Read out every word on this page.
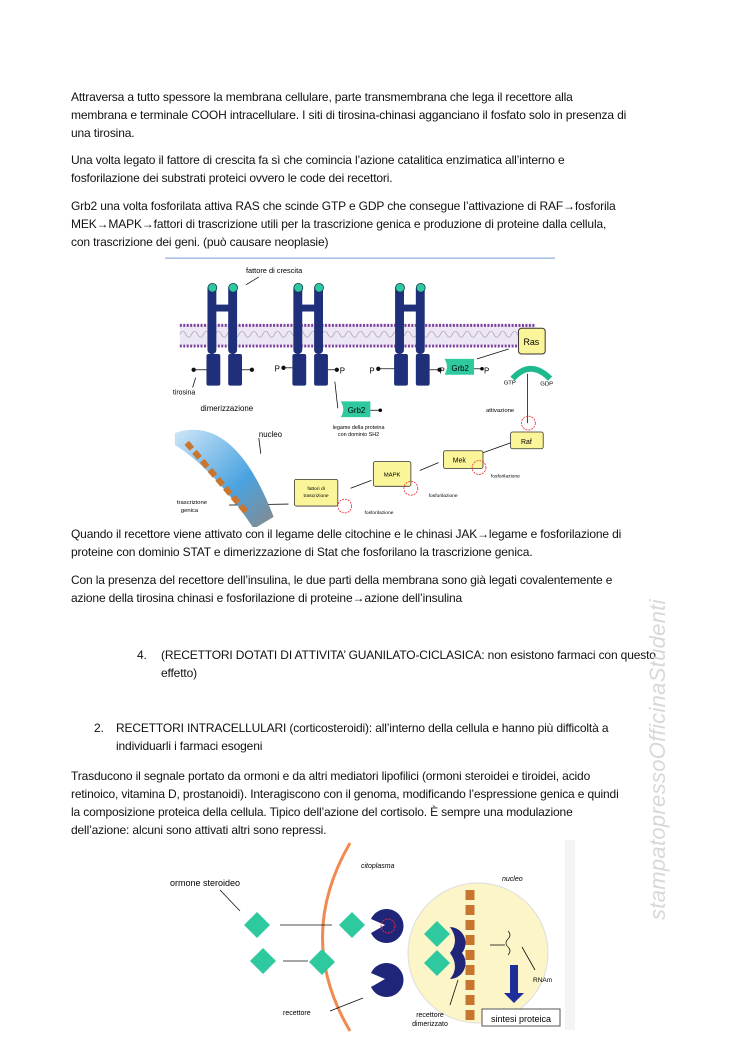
Attraversa a tutto spessore la membrana cellulare, parte transmembrana che lega il recettore alla
membrana e terminale COOH intracellulare. I siti di tirosina-chinasi agganciano il fosfato solo in presenza di
una tirosina.
Una volta legato il fattore di crescita fa sì che comincia l’azione catalitica enzimatica all’interno e
fosforilazione dei substrati proteici ovvero le code dei recettori.
Grb2 una volta fosforilata attiva RAS che scinde GTP e GDP che consegue l’attivazione di RAF→fosforila
MEK→MAPK→fattori di trascrizione utili per la trascrizione genica e produzione di proteine dalla cellula,
con trascrizione dei geni. (può causare neoplasie)
fattore di crescita
tirosina
dimerizzazione
P	P	P	P	P
Grb2
Grb2
legame della proteina
con dominio SH2
Ras
GTP	GDP
attivazione
Raf
Mek
MAPK
fattori di
trascrizione
fosforilazione
fosforilazione
fosforilazione
nucleo
trascrizione
genica
Quando il recettore viene attivato con il legame delle citochine e le chinasi JAK→legame e fosforilazione di
proteine con dominio STAT e dimerizzazione di Stat che fosforilano la trascrizione genica.
Con la presenza del recettore dell’insulina, le due parti della membrana sono già legati covalentemente e
azione della tirosina chinasi e fosforilazione di proteine→azione dell’insulina
4. (RECETTORI DOTATI DI ATTIVITA’ GUANILATO-CICLASICA: non esistono farmaci con questo
effetto)
2. RECETTORI INTRACELLULARI (corticosteroidi): all’interno della cellula e hanno più difficoltà a
individuarli i farmaci esogeni
Trasducono il segnale portato da ormoni e da altri mediatori lipofilici (ormoni steroidei e tiroidei, acido
retinoico, vitamina D, prostanoidi). Interagiscono con il genoma, modificando l’espressione genica e quindi
la composizione proteica della cellula. Tipico dell’azione del cortisolo. È sempre una modulazione
dell’azione: alcuni sono attivati altri sono repressi.
ormone steroideo
citoplasma
nucleo
recettore	recettore
dimerizzato
RNAm
sintesi proteica
stampatopressoOfficinaStudenti
